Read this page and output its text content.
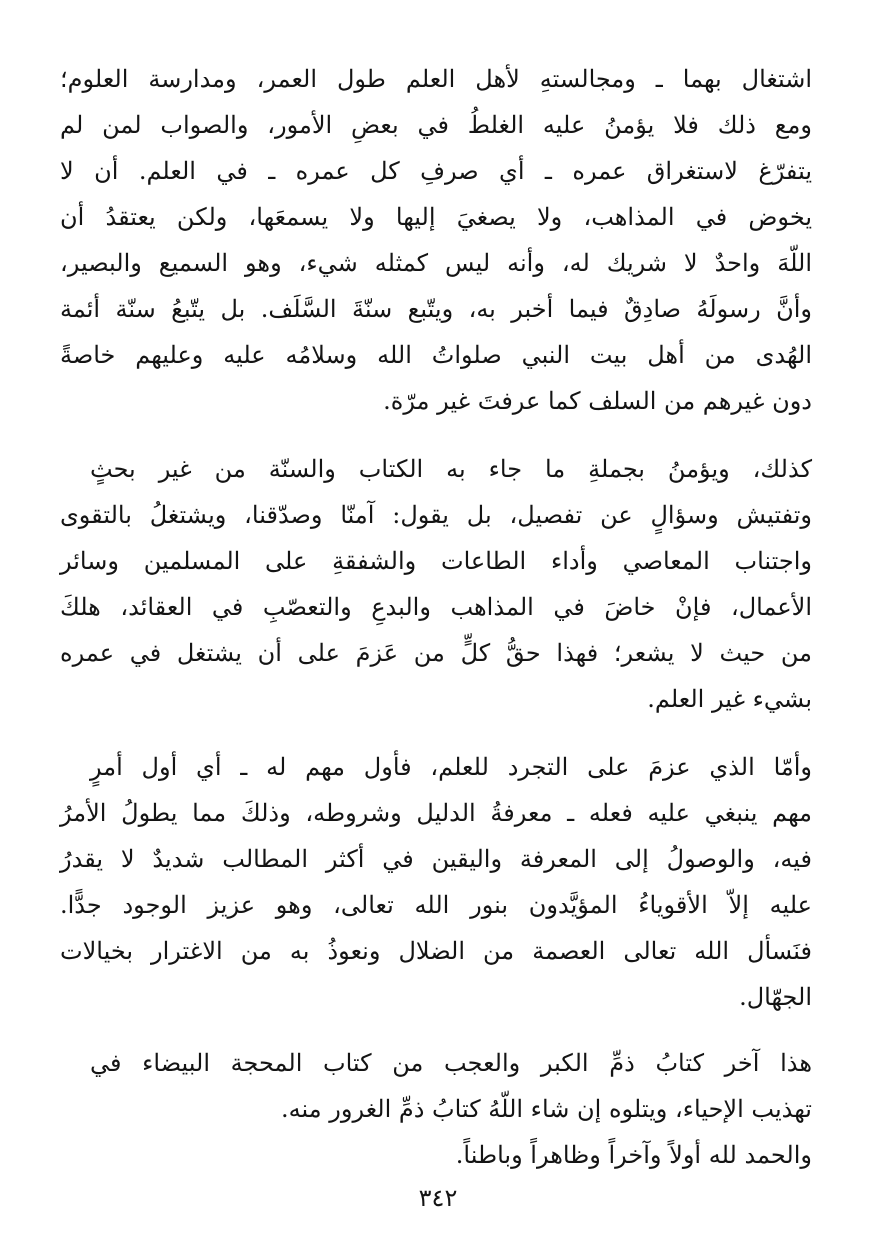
اشتغال بهما ـ ومجالستهِ لأهل العلم طول العمر، ومدارسة العلوم؛
ومع ذلك فلا يؤمنُ عليه الغلطُ في بعضِ الأمور، والصواب لمن لم
يتفرّغ لاستغراق عمره ـ أي صرفِ كل عمره ـ في العلم. أن لا
يخوض في المذاهب، ولا يصغيَ إليها ولا يسمعَها، ولكن يعتقدُ أن
اللّهَ واحدٌ لا شريك له، وأنه ليس كمثله شيء، وهو السميع والبصير،
وأنَّ رسولَهُ صادِقٌ فيما أخبر به، ويتّبع سنّةَ السَّلَف. بل يتّبعُ سنّة أئمة
الهُدى من أهل بيت النبي صلواتُ الله وسلامُه عليه وعليهم خاصةً
دون غيرهم من السلف كما عرفتَ غير مرّة.
كذلك، ويؤمنُ بجملةِ ما جاء به الكتاب والسنّة من غير بحثٍ
وتفتيش وسؤالٍ عن تفصيل، بل يقول: آمنّا وصدّقنا، ويشتغلُ بالتقوى
واجتناب المعاصي وأداء الطاعات والشفقةِ على المسلمين وسائر
الأعمال، فإنْ خاضَ في المذاهب والبدعِ والتعصّبِ في العقائد، هلكَ
من حيث لا يشعر؛ فهذا حقُّ كلٍّ من عَزمَ على أن يشتغل في عمره
بشيء غير العلم.
وأمّا الذي عزمَ على التجرد للعلم، فأول مهم له ـ أي أول أمرٍ
مهم ينبغي عليه فعله ـ معرفةُ الدليل وشروطه، وذلكَ مما يطولُ الأمرُ
فيه، والوصولُ إلى المعرفة واليقين في أكثر المطالب شديدٌ لا يقدرُ
عليه إلاّ الأقوياءُ المؤيَّدون بنور الله تعالى، وهو عزيز الوجود جدًّا.
فنَسأل الله تعالى العصمة من الضلال ونعوذُ به من الاغترار بخيالات
الجهّال.
هذا آخر كتابُ ذمِّ الكبر والعجب من كتاب المحجة البيضاء في
تهذيب الإحياء، ويتلوه إن شاء اللّهُ كتابُ ذمِّ الغرور منه.
والحمد لله أولاً وآخراً وظاهراً وباطناً.
٣٤٢
